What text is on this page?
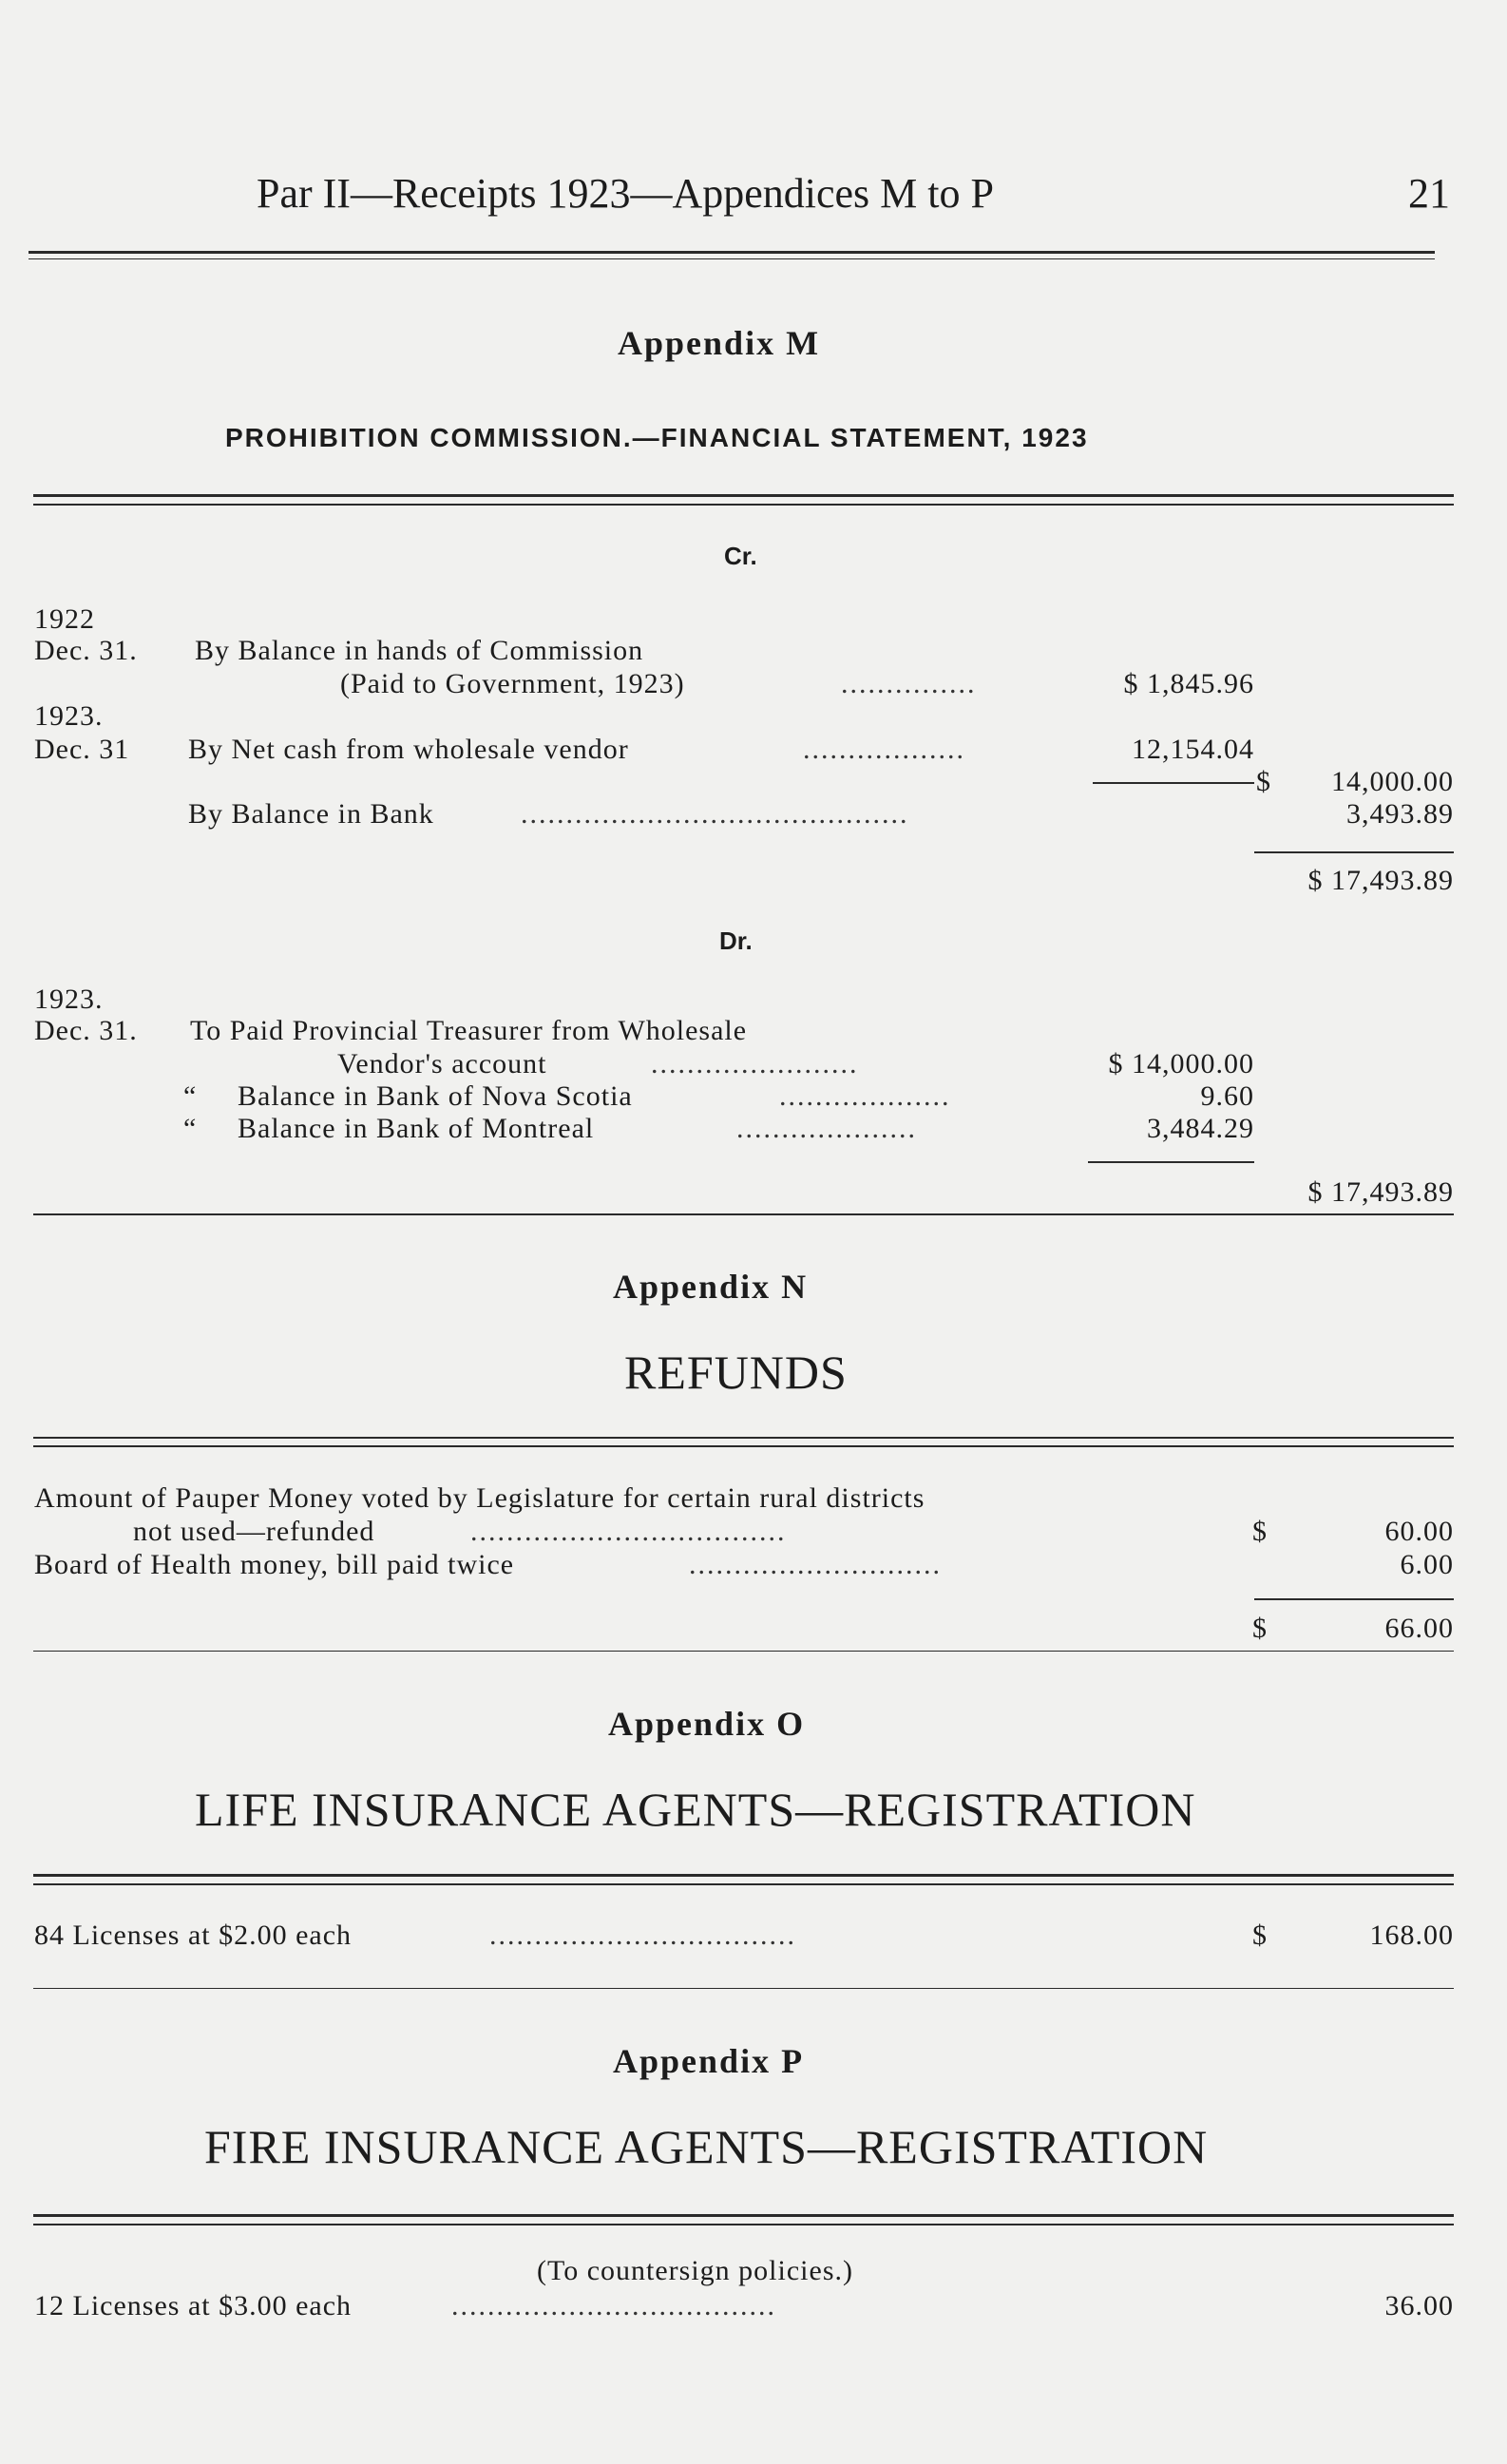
Par II—Receipts 1923—Appendices M to P	21
Appendix M
PROHIBITION COMMISSION.—FINANCIAL STATEMENT, 1923
Cr.
1922
Dec. 31. By Balance in hands of Commission
(Paid to Government, 1923)	...............	$ 1,845.96
1923.
Dec. 31 By Net cash from wholesale vendor	..................	12,154.04
$	14,000.00
By Balance in Bank	...........................................	3,493.89
$ 17,493.89
Dr.
1923.
Dec. 31. To Paid Provincial Treasurer from Wholesale
Vendor's account	.......................	$ 14,000.00
“ Balance in Bank of Nova Scotia	...................	9.60
“ Balance in Bank of Montreal	....................	3,484.29
$ 17,493.89
Appendix N
REFUNDS
Amount of Pauper Money voted by Legislature for certain rural districts
not used—refunded	...................................	$	60.00
Board of Health money, bill paid twice	............................	6.00
$	66.00
Appendix O
LIFE INSURANCE AGENTS—REGISTRATION
84 Licenses at $2.00 each	..................................	$	168.00
Appendix P
FIRE INSURANCE AGENTS—REGISTRATION
(To countersign policies.)
12 Licenses at $3.00 each	....................................	36.00
